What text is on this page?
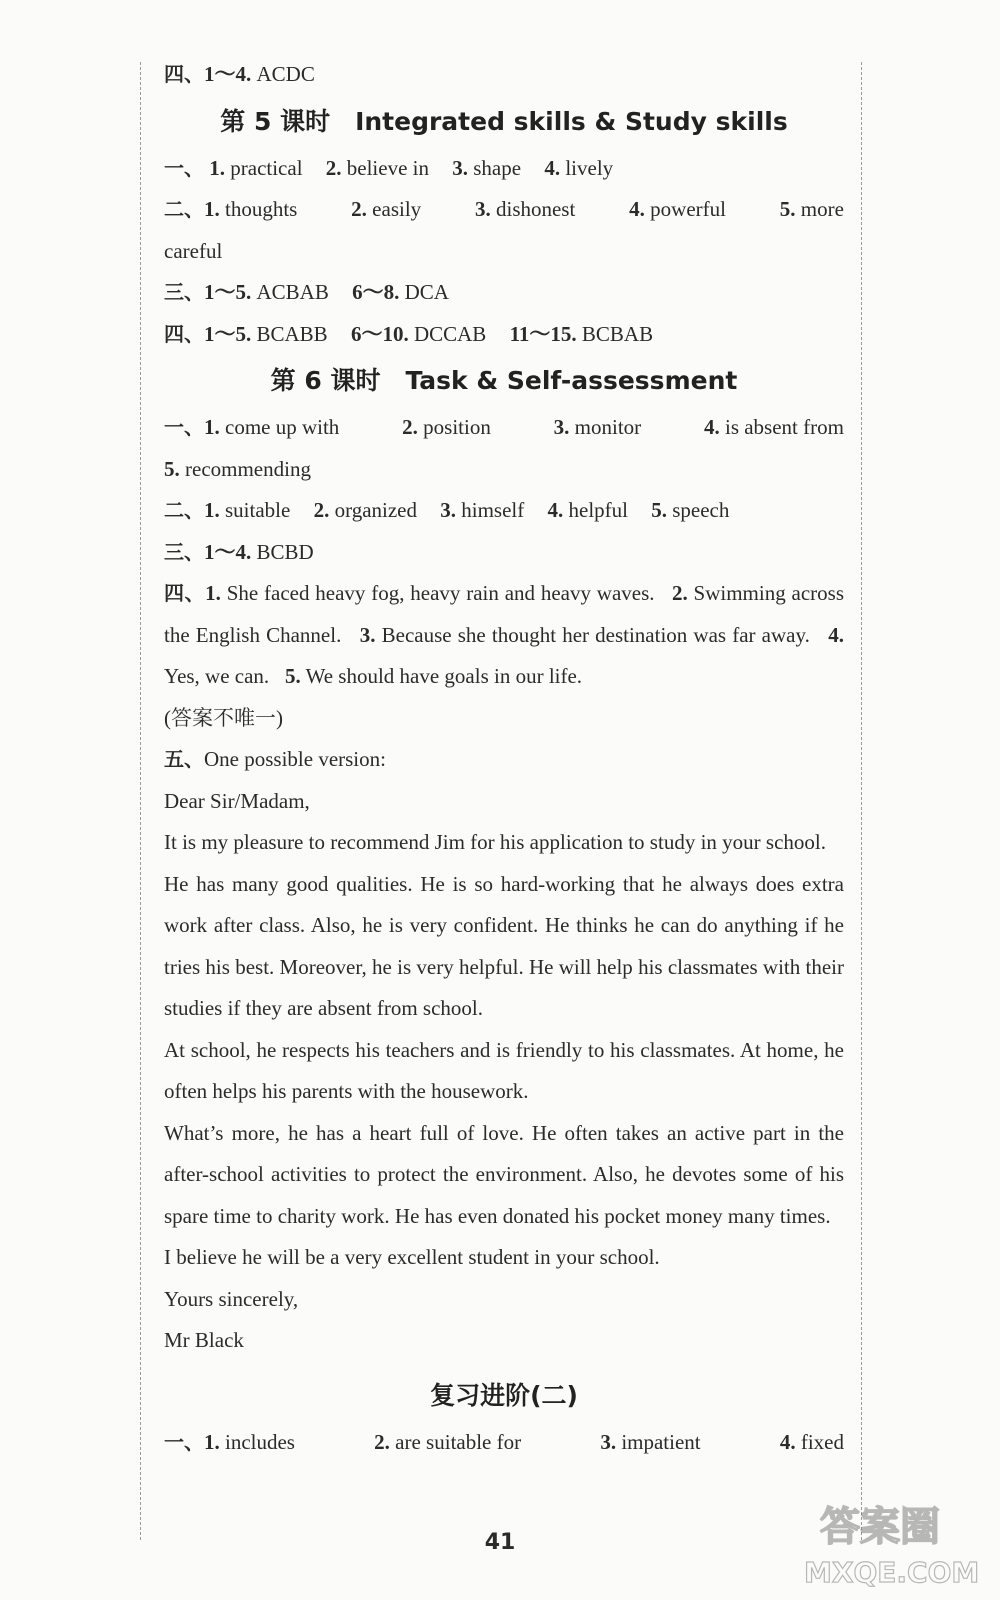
四、1～4. ACDC
第 5 课时　Integrated skills & Study skills
一、 1. practical 2. believe in 3. shape 4. lively
二、1. thoughts	2. easily	3. dishonest	4. powerful	5. more
careful
三、1～5. ACBAB 6～8. DCA
四、1～5. BCABB 6～10. DCCAB 11～15. BCBAB
第 6 课时　Task & Self-assessment
一、1. come up with	2. position	3. monitor	4. is absent from
5. recommending
二、1. suitable 2. organized 3. himself 4. helpful 5. speech
三、1～4. BCBD
四、1. She faced heavy fog, heavy rain and heavy waves. 2. Swimming across the English Channel. 3. Because she thought her destination was far away. 4. Yes, we can. 5. We should have goals in our life.
(答案不唯一)
五、One possible version:
Dear Sir/Madam,
It is my pleasure to recommend Jim for his application to study in your school.
He has many good qualities. He is so hard-working that he always does extra work after class. Also, he is very confident. He thinks he can do anything if he tries his best. Moreover, he is very helpful. He will help his classmates with their studies if they are absent from school.
At school, he respects his teachers and is friendly to his classmates. At home, he often helps his parents with the housework.
What’s more, he has a heart full of love. He often takes an active part in the after-school activities to protect the environment. Also, he devotes some of his spare time to charity work. He has even donated his pocket money many times.
I believe he will be a very excellent student in your school.
Yours sincerely,
Mr Black
复习进阶(二)
一、1. includes	2. are suitable for	3. impatient	4. fixed
41	答案圈
MXQE.COM
